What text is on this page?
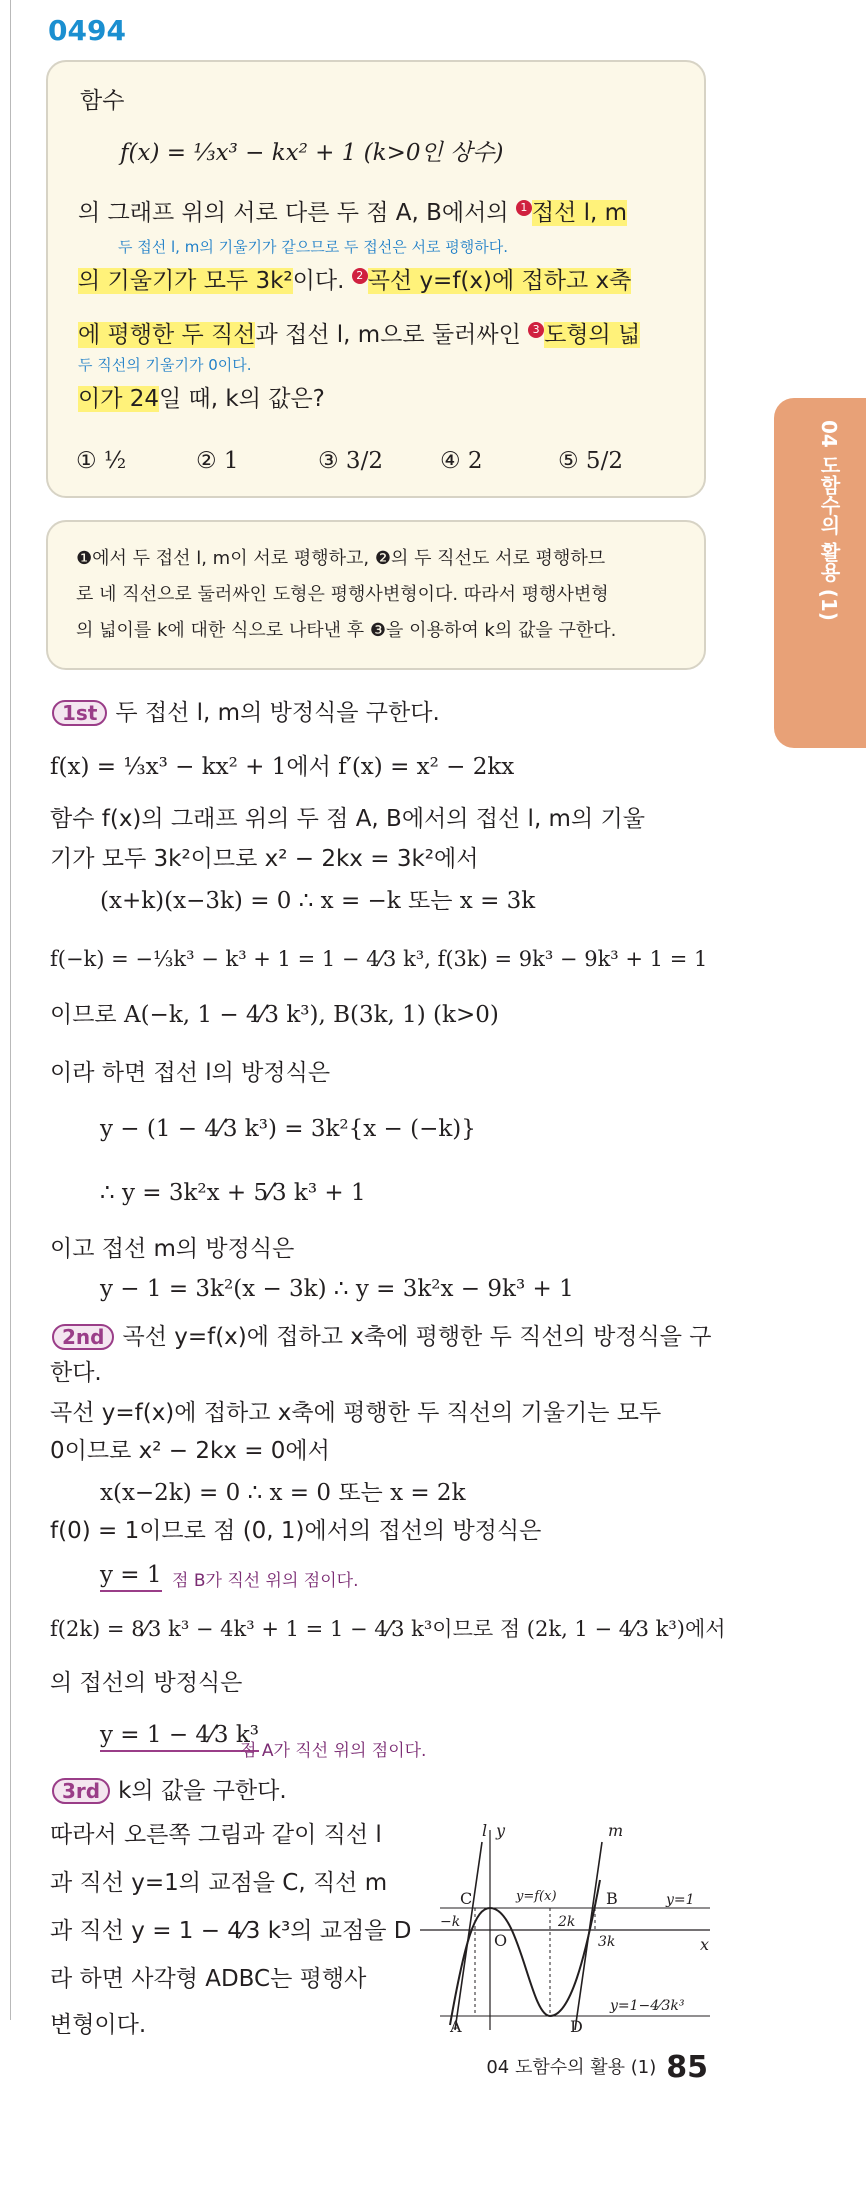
0494
04 도함수의 활용 (1)
함수
f(x) = ⅓x³ − kx² + 1 (k>0인 상수)
의 그래프 위의 서로 다른 두 점 A, B에서의 1 접선 l, m
두 접선 l, m의 기울기가 같으므로 두 접선은 서로 평행하다.
의 기울기가 모두 3k²이다. 2 곡선 y=f(x)에 접하고 x축
에 평행한 두 직선과 접선 l, m으로 둘러싸인 3 도형의 넓
두 직선의 기울기가 0이다.
이가 24일 때, k의 값은?
① ½	② 1	③ 3/2 ④ 2	⑤ 5/2
❶에서 두 접선 l, m이 서로 평행하고, ❷의 두 직선도 서로 평행하므
로 네 직선으로 둘러싸인 도형은 평행사변형이다. 따라서 평행사변형
의 넓이를 k에 대한 식으로 나타낸 후 ❸을 이용하여 k의 값을 구한다.
1st 두 접선 l, m의 방정식을 구한다.
f(x) = ⅓x³ − kx² + 1에서 f′(x) = x² − 2kx
함수 f(x)의 그래프 위의 두 점 A, B에서의 접선 l, m의 기울
기가 모두 3k²이므로 x² − 2kx = 3k²에서
(x+k)(x−3k) = 0 ∴ x = −k 또는 x = 3k
f(−k) = −⅓k³ − k³ + 1 = 1 − 4⁄3 k³, f(3k) = 9k³ − 9k³ + 1 = 1
이므로 A(−k, 1 − 4⁄3 k³), B(3k, 1) (k>0)
이라 하면 접선 l의 방정식은
y − (1 − 4⁄3 k³) = 3k²{x − (−k)}
∴ y = 3k²x + 5⁄3 k³ + 1
이고 접선 m의 방정식은
y − 1 = 3k²(x − 3k) ∴ y = 3k²x − 9k³ + 1
2nd 곡선 y=f(x)에 접하고 x축에 평행한 두 직선의 방정식을 구
한다.
곡선 y=f(x)에 접하고 x축에 평행한 두 직선의 기울기는 모두
0이므로 x² − 2kx = 0에서
x(x−2k) = 0 ∴ x = 0 또는 x = 2k
f(0) = 1이므로 점 (0, 1)에서의 접선의 방정식은
y = 1 점 B가 직선 위의 점이다.
f(2k) = 8⁄3 k³ − 4k³ + 1 = 1 − 4⁄3 k³이므로 점 (2k, 1 − 4⁄3 k³)에서
의 접선의 방정식은
y = 1 − 4⁄3 k³
점 A가 직선 위의 점이다.
3rd k의 값을 구한다.
따라서 오른쪽 그림과 같이 직선 l
과 직선 y=1의 교점을 C, 직선 m
과 직선 y = 1 − 4⁄3 k³의 교점을 D
라 하면 사각형 ADBC는 평행사
변형이다.
l y	m
x
O
C	B
A	D
y=f(x)	y=1
−k	2k
3k
y=1−4⁄3k³
04 도함수의 활용 (1) 85
